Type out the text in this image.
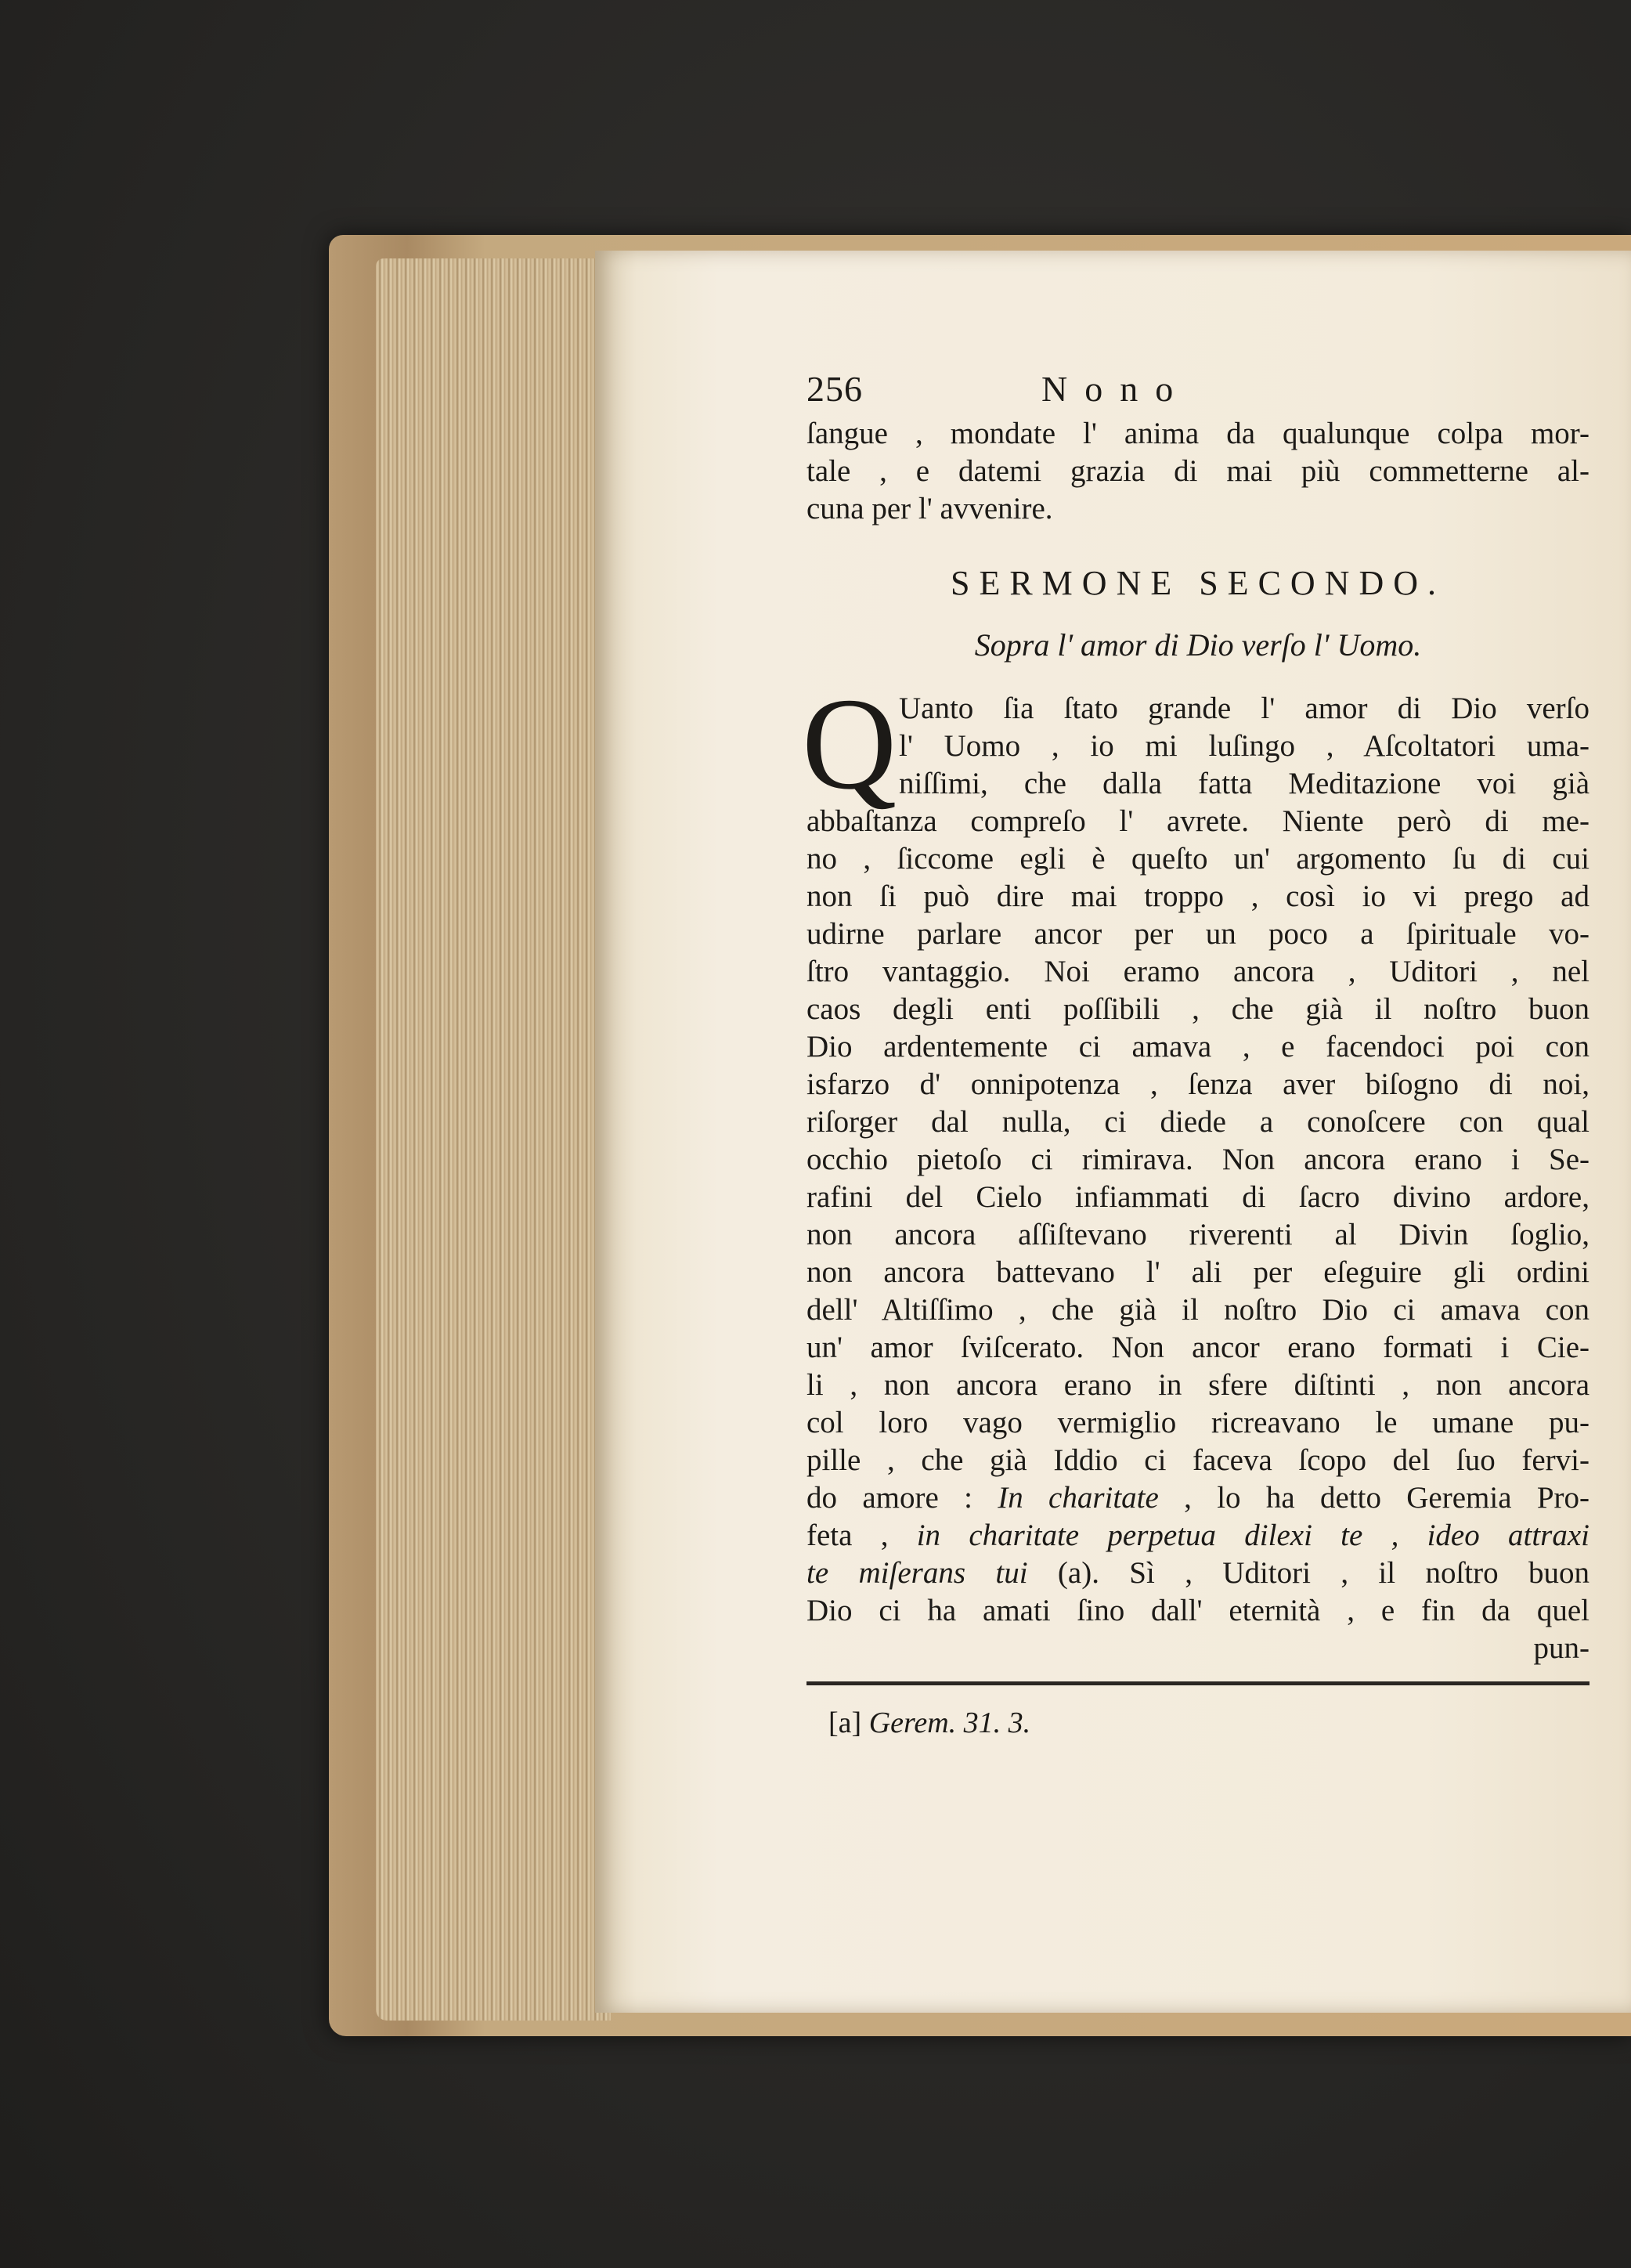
256	Nono
ſangue , mondate l' anima da qualunque colpa mor-
tale , e datemi grazia di mai più commetterne al-
cuna per l' avvenire.
SERMONE SECONDO.
Sopra l' amor di Dio verſo l' Uomo.
Q Uanto ſia ſtato grande l' amor di Dio verſo
l' Uomo , io mi luſingo , Aſcoltatori uma-
niſſimi, che dalla fatta Meditazione voi già
abbaſtanza compreſo l' avrete. Niente però di me-
no , ſiccome egli è queſto un' argomento ſu di cui
non ſi può dire mai troppo , così io vi prego ad
udirne parlare ancor per un poco a ſpirituale vo-
ſtro vantaggio. Noi eramo ancora , Uditori , nel
caos degli enti poſſibili , che già il noſtro buon
Dio ardentemente ci amava , e facendoci poi con
isfarzo d' onnipotenza , ſenza aver biſogno di noi,
riſorger dal nulla, ci diede a conoſcere con qual
occhio pietoſo ci rimirava. Non ancora erano i Se-
rafini del Cielo infiammati di ſacro divino ardore,
non ancora aſſiſtevano riverenti al Divin ſoglio,
non ancora battevano l' ali per eſeguire gli ordini
dell' Altiſſimo , che già il noſtro Dio ci amava con
un' amor ſviſcerato. Non ancor erano formati i Cie-
li , non ancora erano in sfere diſtinti , non ancora
col loro vago vermiglio ricreavano le umane pu-
pille , che già Iddio ci faceva ſcopo del ſuo fervi-
do amore : In charitate , lo ha detto Geremia Pro-
feta , in charitate perpetua dilexi te , ideo attraxi
te miſerans tui (a). Sì , Uditori , il noſtro buon
Dio ci ha amati ſino dall' eternità , e fin da quel
pun-
[a] Gerem. 31. 3.
